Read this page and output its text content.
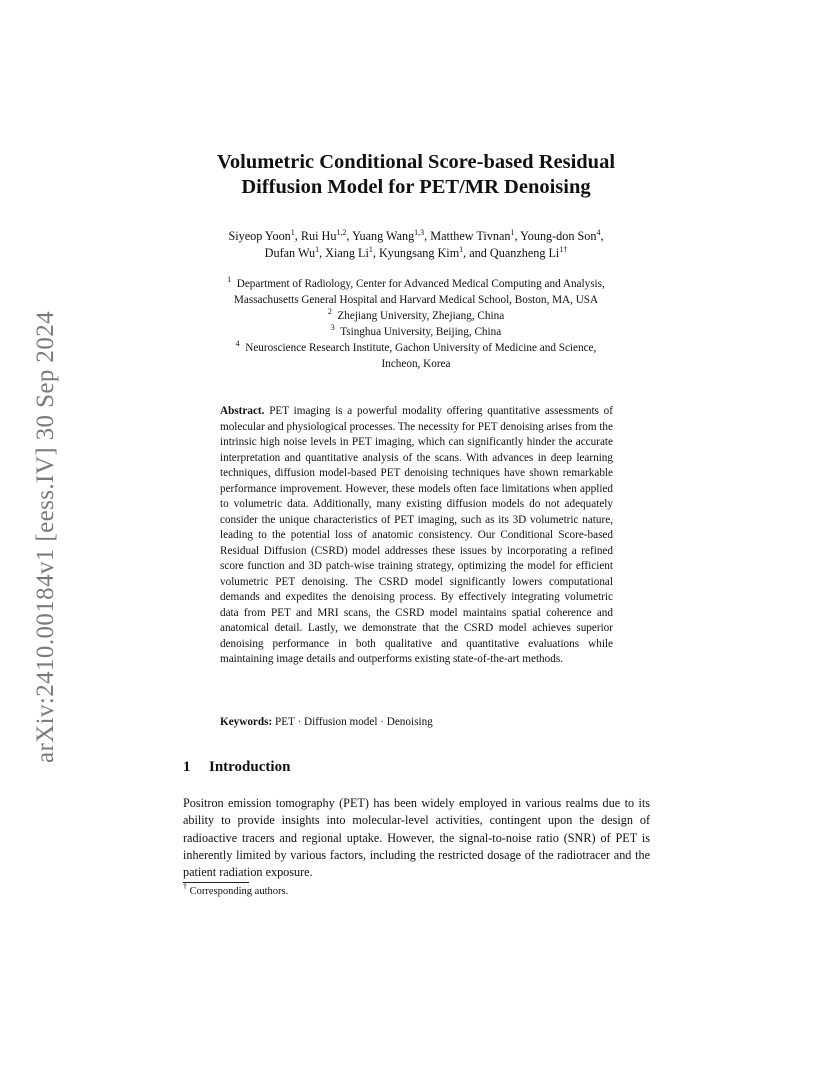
arXiv:2410.00184v1 [eess.IV] 30 Sep 2024
Volumetric Conditional Score-based Residual
Diffusion Model for PET/MR Denoising
Siyeop Yoon$^1$, Rui Hu$^{1,2}$, Yuang Wang$^{1,3}$, Matthew Tivnan$^1$, Young-don Son$^4$,
Dufan Wu$^1$, Xiang Li$^1$, Kyungsang Kim$^1$, and Quanzheng $Li^{1\dagger}$
$^1$ Department of Radiology, Center for Advanced Medical Computing and Analysis,
Massachusetts General Hospital and Harvard Medical School, Boston, MA, USA
$^2$ Zhejiang University, Zhejiang, China
$^3$ Tsinghua University, Beijing, China
$^4$ Neuroscience Research Institute, Gachon University of Medicine and Science,
Incheon, Korea
Abstract. PET imaging is a powerful modality offering quantitative assessments of molecular and physiological processes. The necessity for PET denoising arises from the intrinsic high noise levels in PET imaging, which can significantly hinder the accurate interpretation and quantitative analysis of the scans. With advances in deep learning techniques, diffusion model-based PET denoising techniques have shown remarkable performance improvement. However, these models often face limitations when applied to volumetric data. Additionally, many existing diffusion models do not adequately consider the unique characteristics of PET imaging, such as its 3D volumetric nature, leading to the potential loss of anatomic consistency. Our Conditional Score-based Residual Diffusion (CSRD) model addresses these issues by incorporating a refined score function and 3D patch-wise training strategy, optimizing the model for efficient volumetric PET denoising. The CSRD model significantly lowers computational demands and expedites the denoising process. By effectively integrating volumetric data from PET and MRI scans, the CSRD model maintains spatial coherence and anatomical detail. Lastly, we demonstrate that the CSRD model achieves superior denoising performance in both qualitative and quantitative evaluations while maintaining image details and outperforms existing state-of-the-art methods.
Keywords: PET · Diffusion model · Denoising
1 Introduction
Positron emission tomography (PET) has been widely employed in various realms due to its ability to provide insights into molecular-level activities, contingent upon the design of radioactive tracers and regional uptake. However, the signal-to-noise ratio (SNR) of PET is inherently limited by various factors, including the restricted dosage of the radiotracer and the patient radiation exposure.
† Corresponding authors.
